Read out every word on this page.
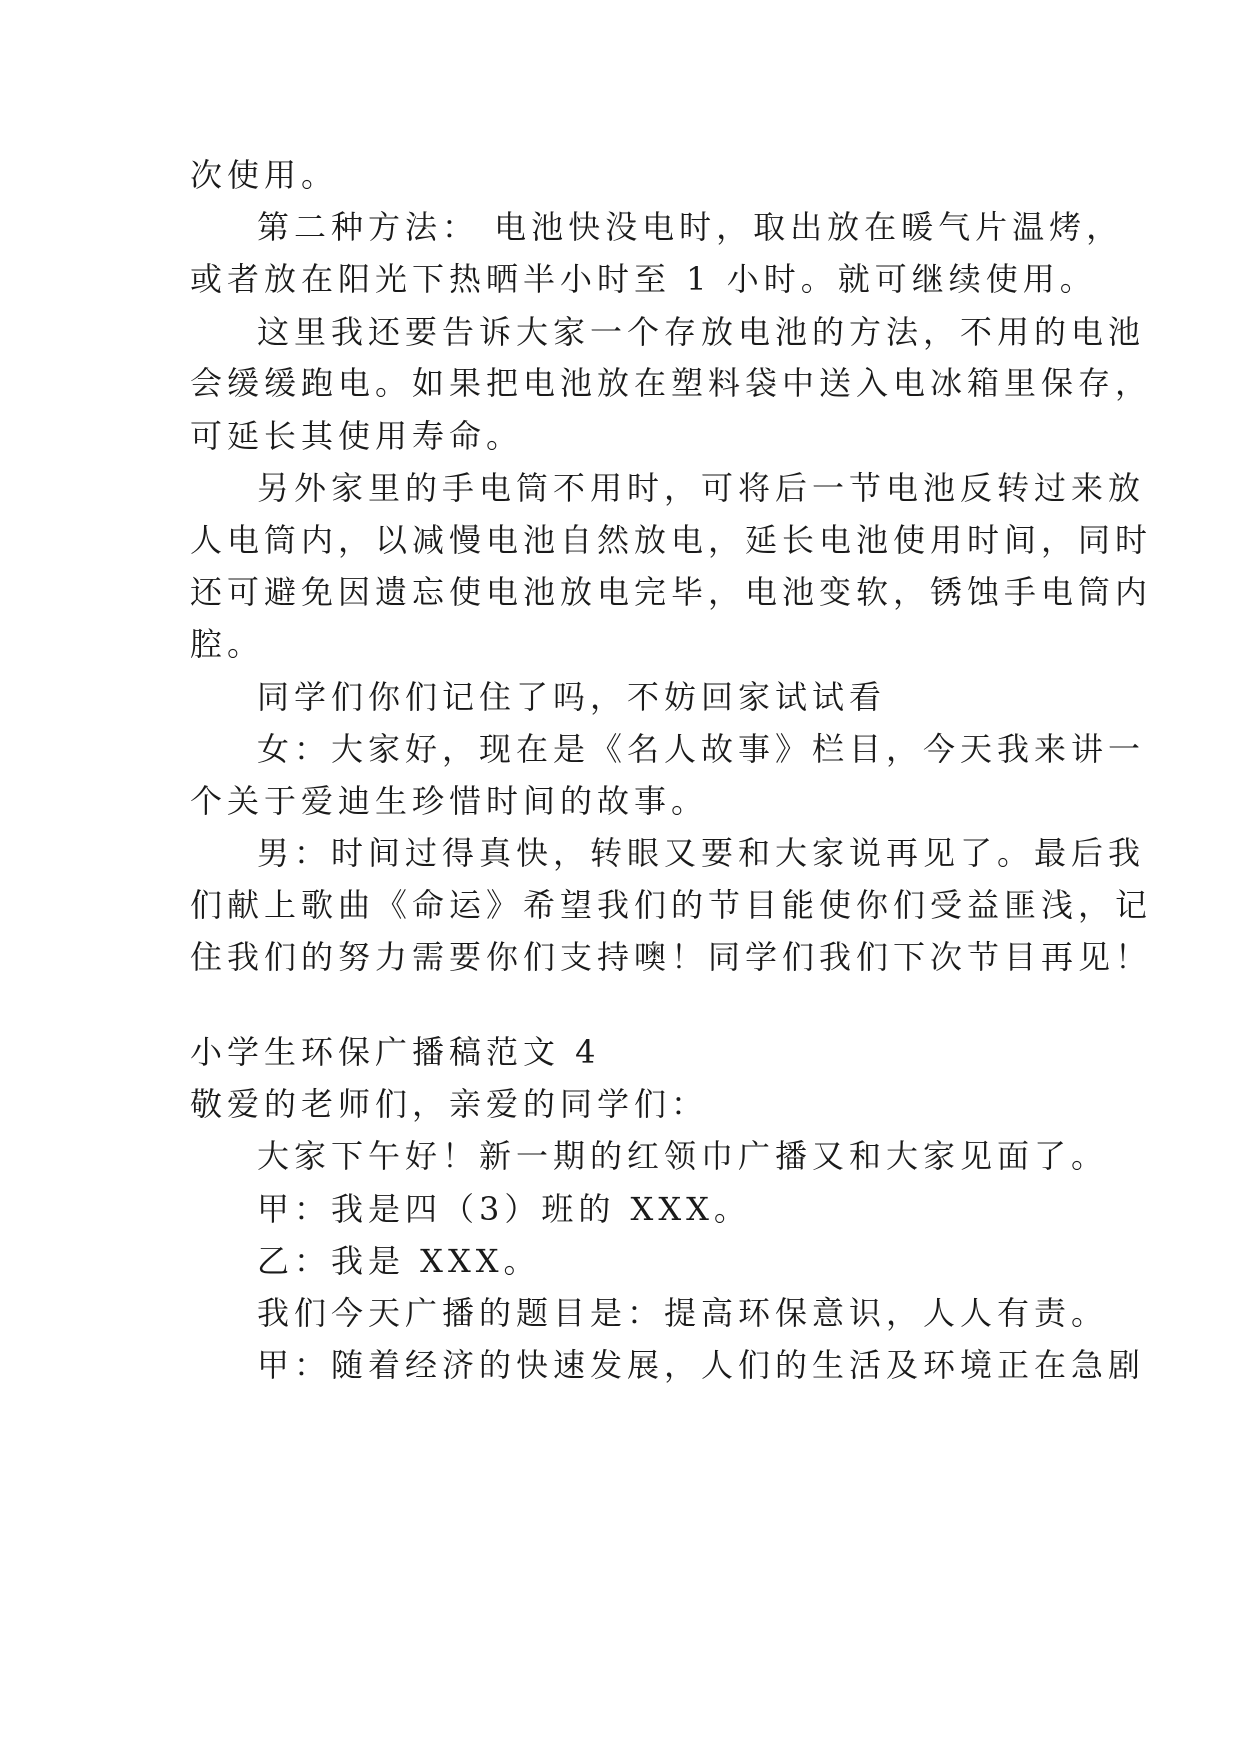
次使用。
第二种方法： 电池快没电时，取出放在暖气片温烤，
或者放在阳光下热晒半小时至 1 小时。就可继续使用。
这里我还要告诉大家一个存放电池的方法，不用的电池
会缓缓跑电。如果把电池放在塑料袋中送入电冰箱里保存，
可延长其使用寿命。
另外家里的手电筒不用时，可将后一节电池反转过来放
人电筒内，以减慢电池自然放电，延长电池使用时间，同时
还可避免因遗忘使电池放电完毕，电池变软，锈蚀手电筒内
腔。
同学们你们记住了吗，不妨回家试试看
女：大家好，现在是《名人故事》栏目，今天我来讲一
个关于爱迪生珍惜时间的故事。
男：时间过得真快，转眼又要和大家说再见了。最后我
们献上歌曲《命运》希望我们的节目能使你们受益匪浅，记
住我们的努力需要你们支持噢！同学们我们下次节目再见！
小学生环保广播稿范文 4
敬爱的老师们，亲爱的同学们：
大家下午好！新一期的红领巾广播又和大家见面了。
甲：我是四（3）班的 XXX。
乙：我是 XXX。
我们今天广播的题目是：提高环保意识，人人有责。
甲：随着经济的快速发展，人们的生活及环境正在急剧
